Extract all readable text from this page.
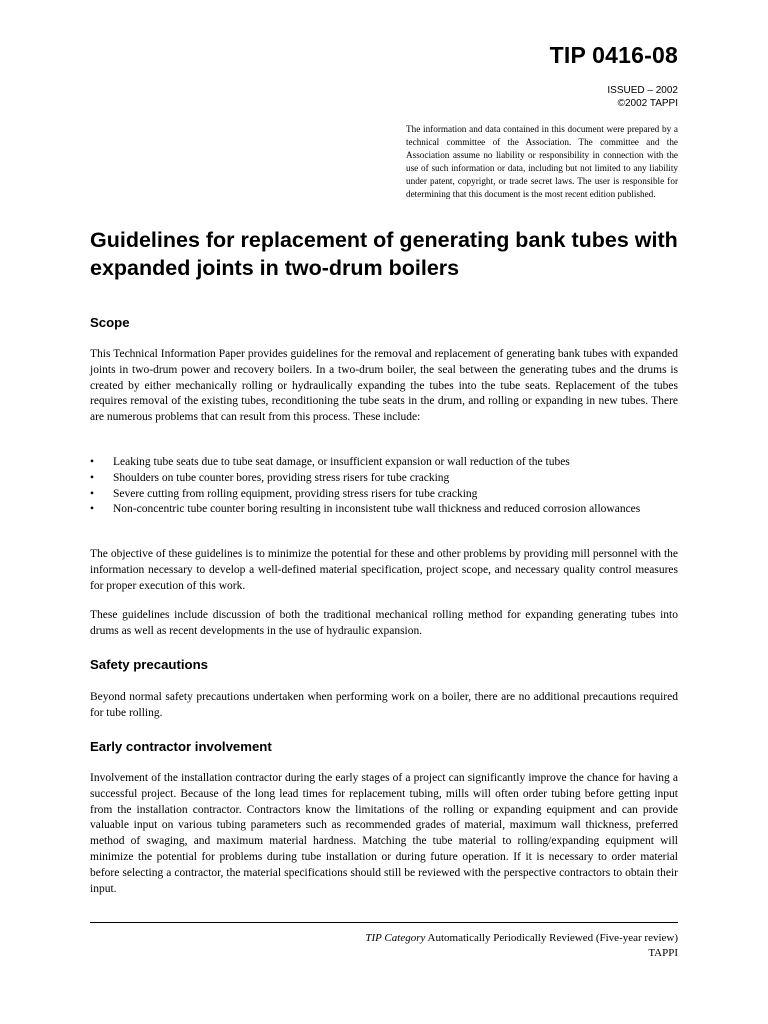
TIP 0416-08
ISSUED – 2002
©2002 TAPPI
The information and data contained in this document were prepared by a technical committee of the Association. The committee and the Association assume no liability or responsibility in connection with the use of such information or data, including but not limited to any liability under patent, copyright, or trade secret laws. The user is responsible for determining that this document is the most recent edition published.
Guidelines for replacement of generating bank tubes with expanded joints in two-drum boilers
Scope

This Technical Information Paper provides guidelines for the removal and replacement of generating bank tubes with expanded joints in two-drum power and recovery boilers. In a two-drum boiler, the seal between the generating tubes and the drums is created by either mechanically rolling or hydraulically expanding the tubes into the tube seats. Replacement of the tubes requires removal of the existing tubes, reconditioning the tube seats in the drum, and rolling or expanding in new tubes. There are numerous problems that can result from this process. These include:

• Leaking tube seats due to tube seat damage, or insufficient expansion or wall reduction of the tubes
• Shoulders on tube counter bores, providing stress risers for tube cracking
• Severe cutting from rolling equipment, providing stress risers for tube cracking
• Non-concentric tube counter boring resulting in inconsistent tube wall thickness and reduced corrosion allowances

The objective of these guidelines is to minimize the potential for these and other problems by providing mill personnel with the information necessary to develop a well-defined material specification, project scope, and necessary quality control measures for proper execution of this work.

These guidelines include discussion of both the traditional mechanical rolling method for expanding generating tubes into drums as well as recent developments in the use of hydraulic expansion.

Safety precautions

Beyond normal safety precautions undertaken when performing work on a boiler, there are no additional precautions required for tube rolling.

Early contractor involvement

Involvement of the installation contractor during the early stages of a project can significantly improve the chance for having a successful project. Because of the long lead times for replacement tubing, mills will often order tubing before getting input from the installation contractor. Contractors know the limitations of the rolling or expanding equipment and can provide valuable input on various tubing parameters such as recommended grades of material, maximum wall thickness, preferred method of swaging, and maximum material hardness. Matching the tube material to rolling/expanding equipment will minimize the potential for problems during tube installation or during future operation. If it is necessary to order material before selecting a contractor, the material specifications should still be reviewed with the perspective contractors to obtain their input.

TIP Category Automatically Periodically Reviewed (Five-year review)
TAPPI
